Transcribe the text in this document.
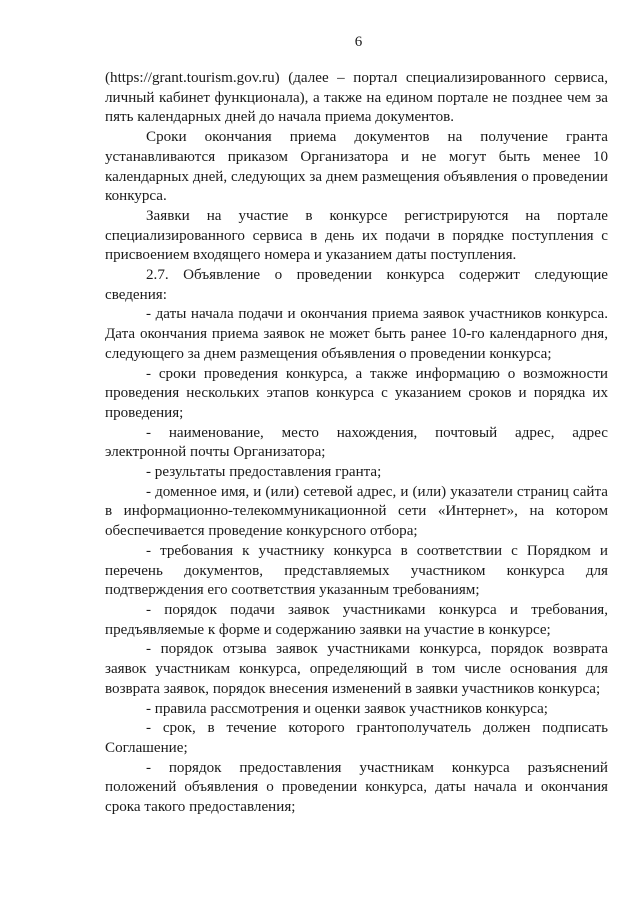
6

(https://grant.tourism.gov.ru) (далее – портал специализированного сервиса, личный кабинет функционала), а также на едином портале не позднее чем за пять календарных дней до начала приема документов.

Сроки окончания приема документов на получение гранта устанавливаются приказом Организатора и не могут быть менее 10 календарных дней, следующих за днем размещения объявления о проведении конкурса.

Заявки на участие в конкурсе регистрируются на портале специализированного сервиса в день их подачи в порядке поступления с присвоением входящего номера и указанием даты поступления.

2.7. Объявление о проведении конкурса содержит следующие сведения:

- даты начала подачи и окончания приема заявок участников конкурса. Дата окончания приема заявок не может быть ранее 10-го календарного дня, следующего за днем размещения объявления о проведении конкурса;

- сроки проведения конкурса, а также информацию о возможности проведения нескольких этапов конкурса с указанием сроков и порядка их проведения;

- наименование, место нахождения, почтовый адрес, адрес электронной почты Организатора;

- результаты предоставления гранта;

- доменное имя, и (или) сетевой адрес, и (или) указатели страниц сайта в информационно-телекоммуникационной сети «Интернет», на котором обеспечивается проведение конкурсного отбора;

- требования к участнику конкурса в соответствии с Порядком и перечень документов, представляемых участником конкурса для подтверждения его соответствия указанным требованиям;

- порядок подачи заявок участниками конкурса и требования, предъявляемые к форме и содержанию заявки на участие в конкурсе;

- порядок отзыва заявок участниками конкурса, порядок возврата заявок участникам конкурса, определяющий в том числе основания для возврата заявок, порядок внесения изменений в заявки участников конкурса;

- правила рассмотрения и оценки заявок участников конкурса;

- срок, в течение которого грантополучатель должен подписать Соглашение;

- порядок предоставления участникам конкурса разъяснений положений объявления о проведении конкурса, даты начала и окончания срока такого предоставления;
